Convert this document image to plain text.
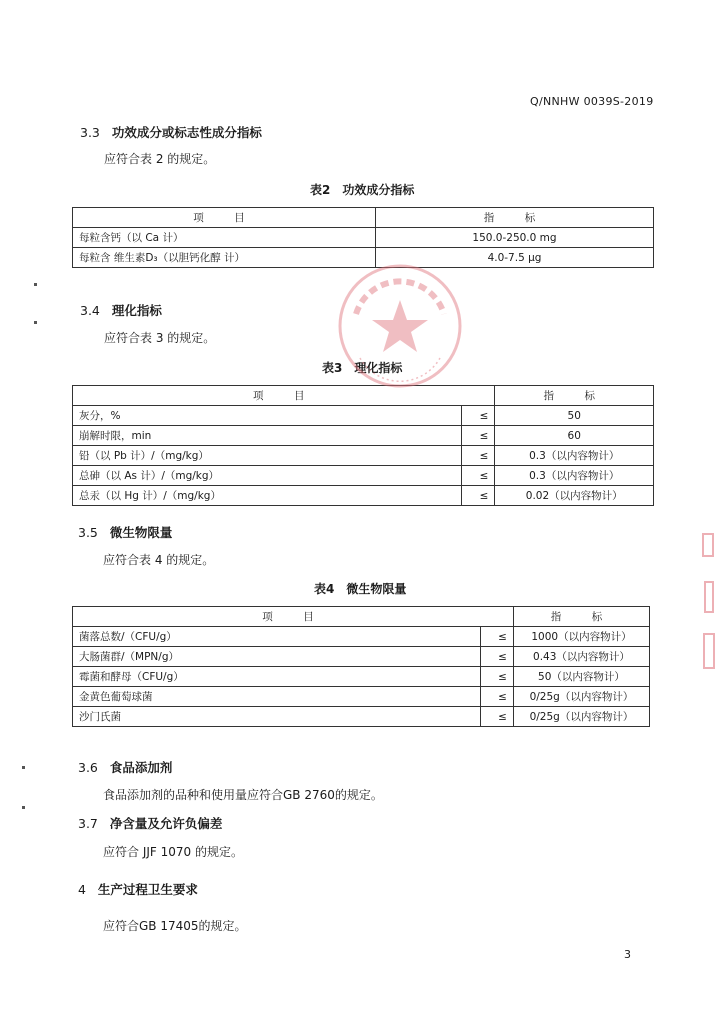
Q/NNHW 0039S-2019
3.3 功效成分或标志性成分指标
应符合表 2 的规定。
表2　功效成分指标
项　目	指　标
每粒含钙（以 Ca 计）	150.0-250.0 mg
每粒含 维生素D₃（以胆钙化醇 计）	4.0-7.5 μg
3.4 理化指标
应符合表 3 的规定。
表3　理化指标
项　目		指　标
灰分，%	≤	50
崩解时限，min	≤	60
铅（以 Pb 计）/（mg/kg）	≤	0.3（以内容物计）
总砷（以 As 计）/（mg/kg）	≤	0.3（以内容物计）
总汞（以 Hg 计）/（mg/kg）	≤	0.02（以内容物计）
3.5 微生物限量
应符合表 4 的规定。
表4　微生物限量
项　目		指　标
菌落总数/（CFU/g）	≤	1000（以内容物计）
大肠菌群/（MPN/g）	≤	0.43（以内容物计）
霉菌和酵母（CFU/g）	≤	50（以内容物计）
金黄色葡萄球菌	≤	0/25g（以内容物计）
沙门氏菌	≤	0/25g（以内容物计）
3.6 食品添加剂
食品添加剂的品种和使用量应符合GB 2760的规定。
3.7 净含量及允许负偏差
应符合 JJF 1070 的规定。
4 生产过程卫生要求
应符合GB 17405的规定。
3
